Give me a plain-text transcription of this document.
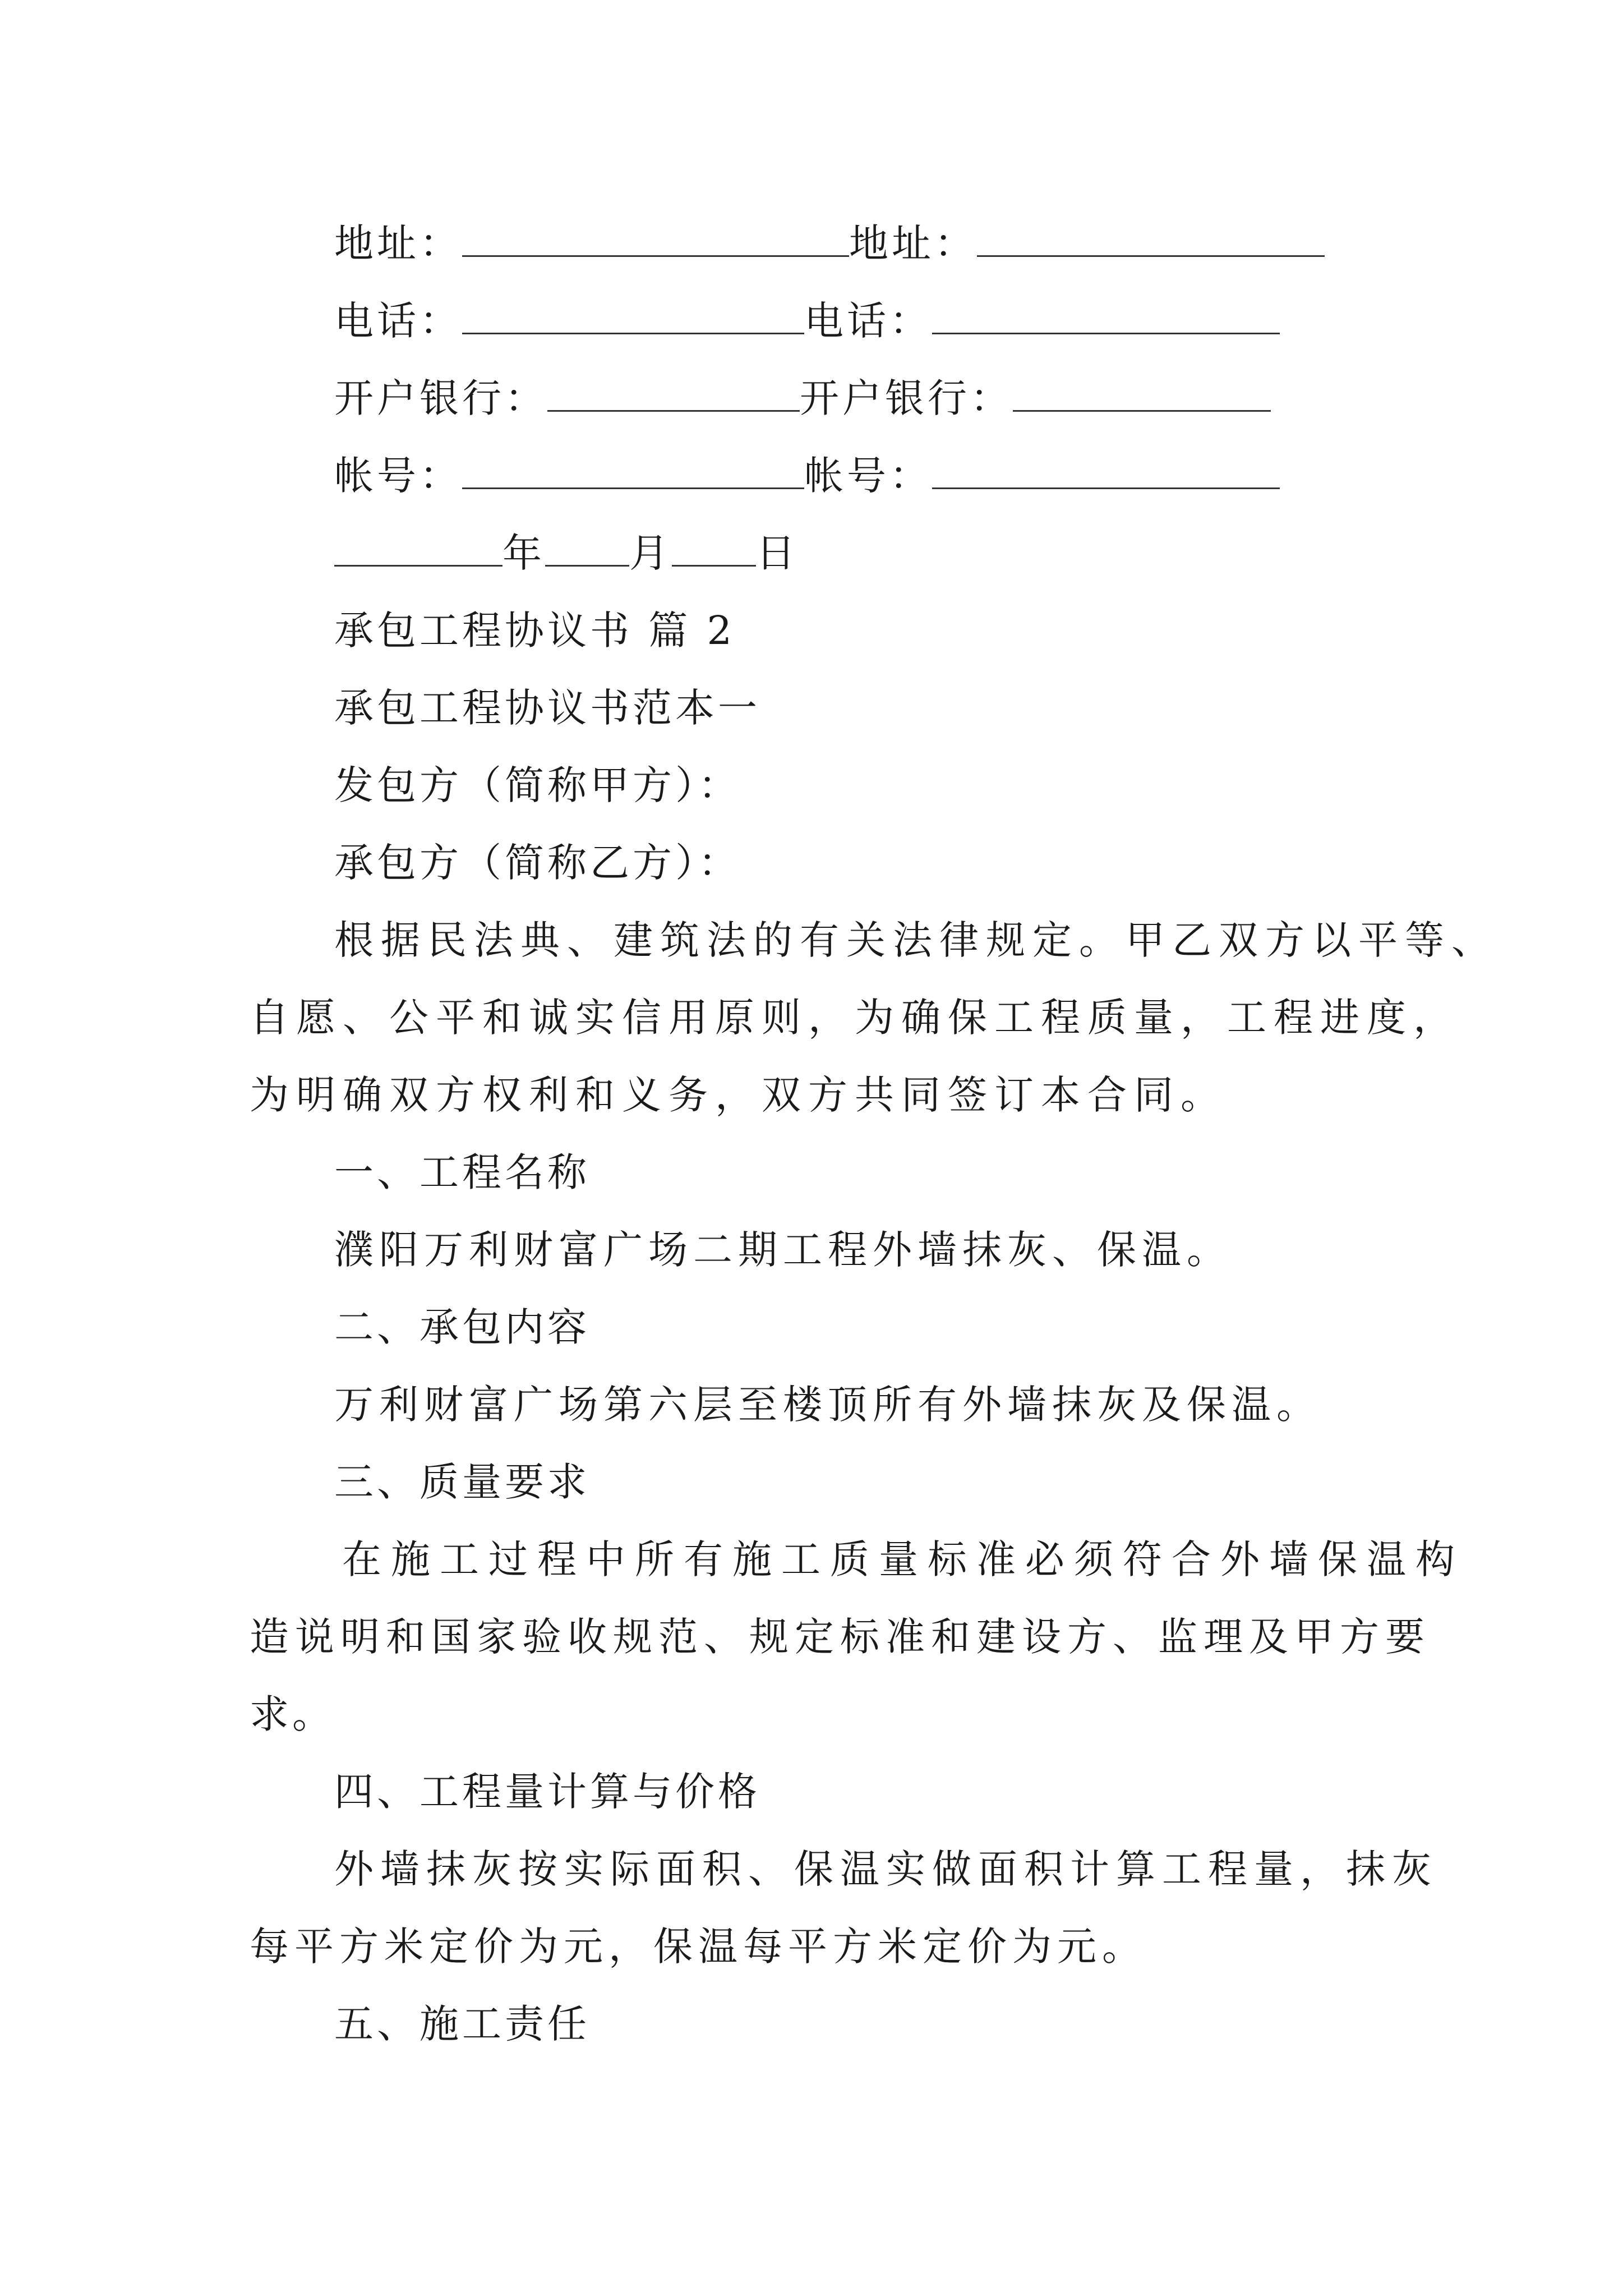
地址：	地址：
电话：	电话：
开户银行：	开户银行：
帐号：	帐号：
年 月 日
承包工程协议书 篇 2
承包工程协议书范本一
发包方（简称甲方）：
承包方（简称乙方）：
根据民法典、建筑法的有关法律规定。甲乙双方以平等、
自愿、公平和诚实信用原则，为确保工程质量，工程进度，
为明确双方权利和义务，双方共同签订本合同。
一、工程名称
濮阳万利财富广场二期工程外墙抹灰、保温。
二、承包内容
万利财富广场第六层至楼顶所有外墙抹灰及保温。
三、质量要求
在施工过程中所有施工质量标准必须符合外墙保温构
造说明和国家验收规范、规定标准和建设方、监理及甲方要
求。
四、工程量计算与价格
外墙抹灰按实际面积、保温实做面积计算工程量，抹灰
每平方米定价为元，保温每平方米定价为元。
五、施工责任
